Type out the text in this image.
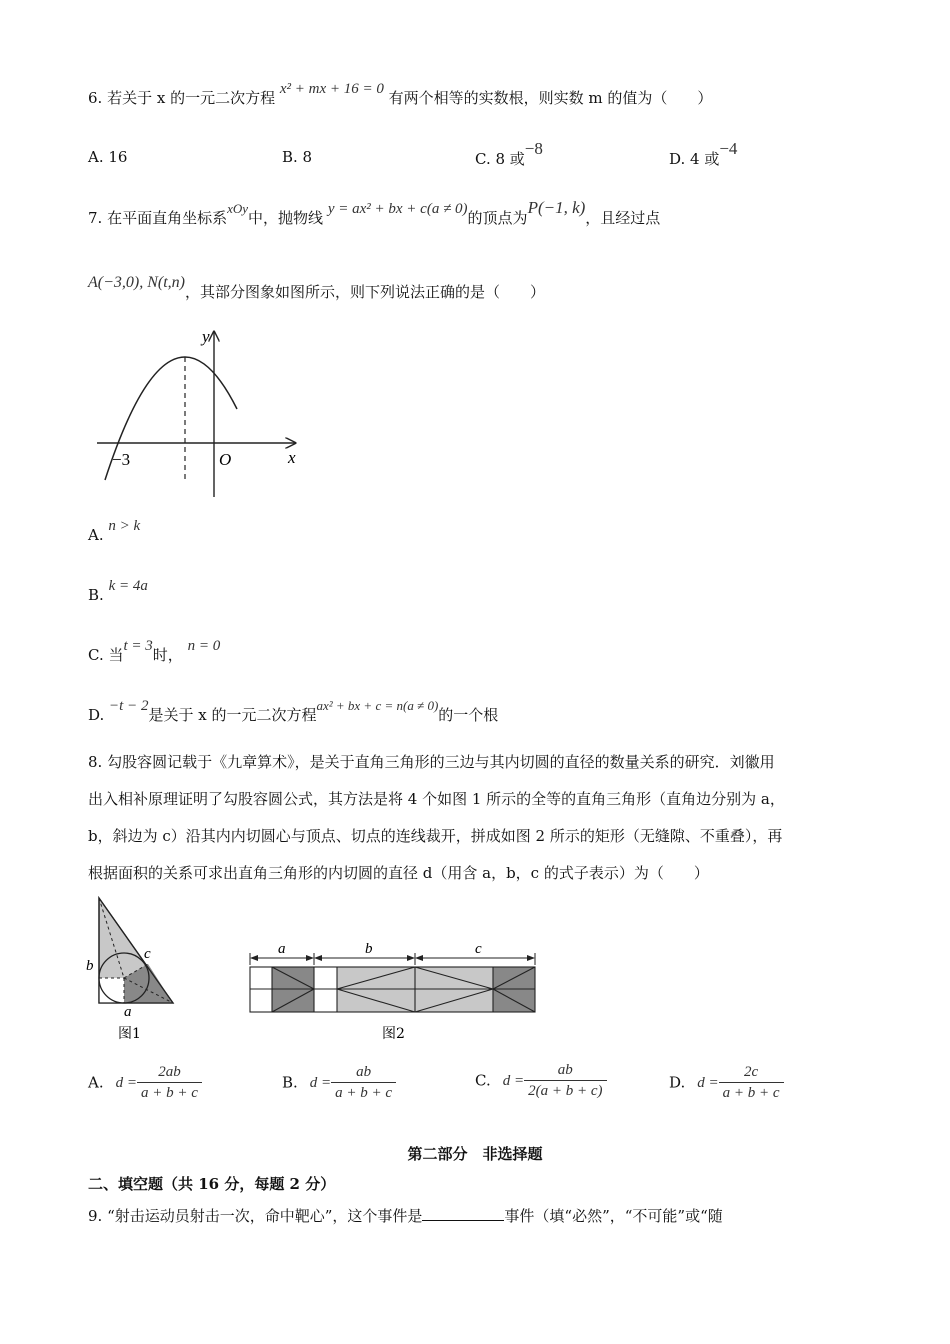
6. 若关于 x 的一元二次方程 x² + mx + 16 = 0 有两个相等的实数根，则实数 m 的值为（　　）
A. 16	B. 8	C. 8 或−8
D. 4 或−4
7. 在平面直角坐标系xOy中，抛物线 y = ax² + bx + c(a ≠ 0)的顶点为P(−1, k)，且经过点
A(−3,0), N(t,n)，其部分图象如图所示，则下列说法正确的是（　　）
y
x
O
−3
A. n > k
B. k = 4a
C. 当t = 3时， n = 0
D. −t − 2是关于 x 的一元二次方程ax² + bx + c = n(a ≠ 0)的一个根
8. 勾股容圆记载于《九章算术》，是关于直角三角形的三边与其内切圆的直径的数量关系的研究．刘徽用
出入相补原理证明了勾股容圆公式，其方法是将 4 个如图 1 所示的全等的直角三角形（直角边分别为 a，
b，斜边为 c）沿其内内切圆心与顶点、切点的连线裁开，拼成如图 2 所示的矩形（无缝隙、不重叠），再
根据面积的关系可求出直角三角形的内切圆的直径 d（用含 a，b，c 的式子表示）为（　　）
b
c
a
图1
a	b	c
图2
A. $d = \frac{2ab}{a + b + c}$	B. $d = \frac{ab}{a + b + c}$	C. $d = \frac{ab}{2(a + b + c)}$	D. $d = \frac{2c}{a + b + c}$
第二部分　非选择题
二、填空题（共 16 分，每题 2 分）
9. “射击运动员射击一次，命中靶心”，这个事件是	事件（填“必然”，“不可能”或“随
